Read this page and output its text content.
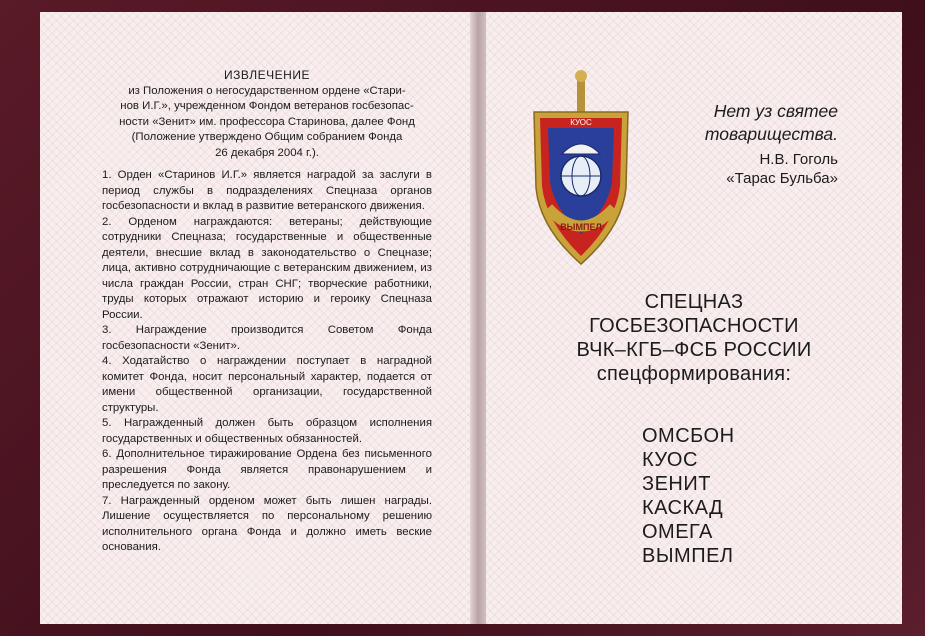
ИЗВЛЕЧЕНИЕ
из Положения о негосударственном ордене «Стари-
нов И.Г.», учрежденном Фондом ветеранов госбезопас-
ности «Зенит» им. профессора Старинова, далее Фонд
(Положение утверждено Общим собранием Фонда
26 декабря 2004 г.).

1. Орден «Старинов И.Г.» является наградой за заслуги в период службы в подразделениях Спецназа органов госбезопасности и вклад в развитие ветеранского движения.

2. Орденом награждаются: ветераны; действующие сотрудники Спецназа; государственные и общественные деятели, внесшие вклад в законодательство о Спецназе; лица, активно сотрудничающие с ветеранским движением, из числа граждан России, стран СНГ; творческие работники, труды которых отражают историю и героику Спецназа России.

3. Награждение производится Советом Фонда госбезопасности «Зенит».

4. Ходатайство о награждении поступает в наградной комитет Фонда, носит персональный характер, подается от имени общественной организации, государственной структуры.

5. Награжденный должен быть образцом исполнения государственных и общественных обязанностей.

6. Дополнительное тиражирование Ордена без письменного разрешения Фонда является правонарушением и преследуется по закону.

7. Награжденный орденом может быть лишен награды. Лишение осуществляется по персональному решению исполнительного органа Фонда и должно иметь веские основания.

КУОС
ВЫМПЕЛ
Нет уз святее
товарищества.
Н.В. Гоголь
«Тарас Бульба»
СПЕЦНАЗ
ГОСБЕЗОПАСНОСТИ
ВЧК–КГБ–ФСБ РОССИИ
спецформирования:
ОМСБОН
КУОС
ЗЕНИТ
КАСКАД
ОМЕГА
ВЫМПЕЛ
